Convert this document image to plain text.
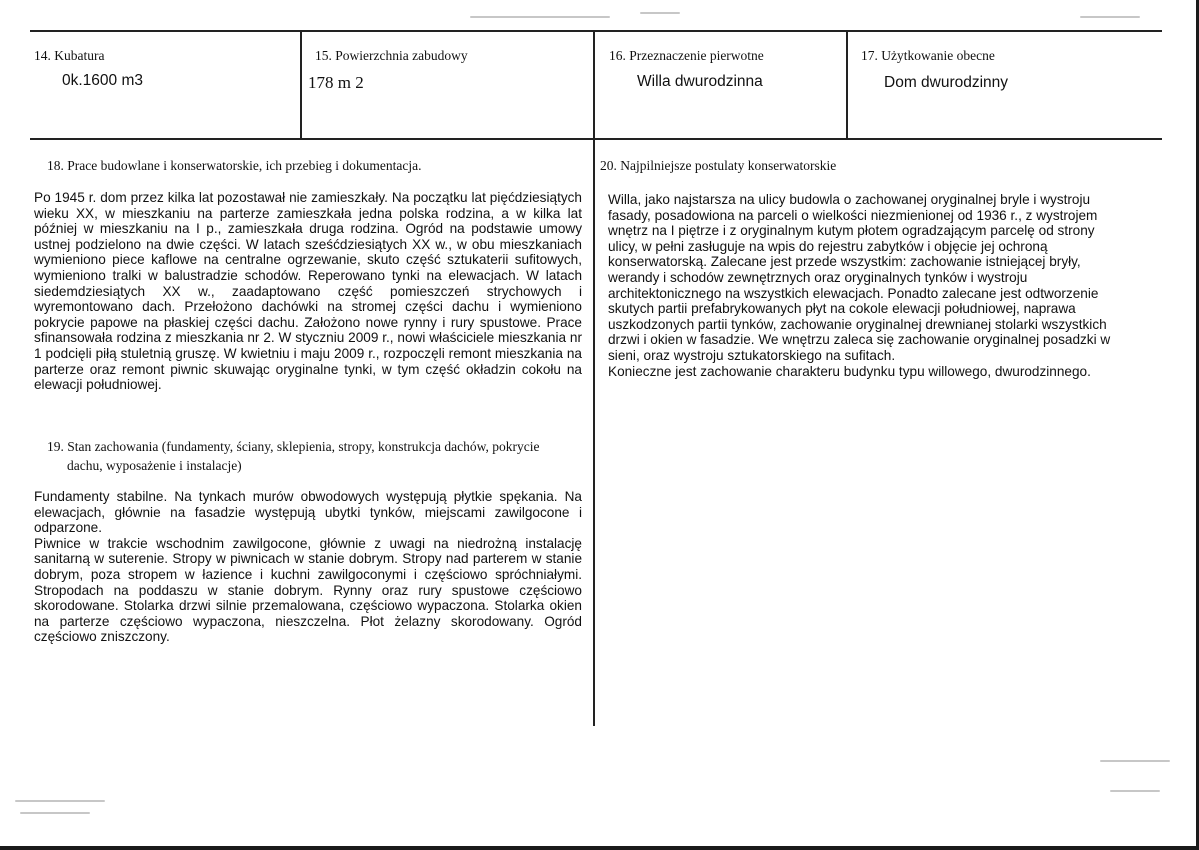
14. Kubatura
0k.1600 m3
15. Powierzchnia zabudowy
178 m 2
16. Przeznaczenie pierwotne
Willa dwurodzinna
17. Użytkowanie obecne
Dom dwurodzinny
18. Prace budowlane i konserwatorskie, ich przebieg i dokumentacja.

Po 1945 r. dom przez kilka lat pozostawał nie zamieszkały. Na początku lat pięćdziesiątych wieku XX, w mieszkaniu na parterze zamieszkała jedna polska rodzina, a w kilka lat później w mieszkaniu na I p., zamieszkała druga rodzina. Ogród na podstawie umowy ustnej podzielono na dwie części. W latach sześćdziesiątych XX w., w obu mieszkaniach wymieniono piece kaflowe na centralne ogrzewanie, skuto część sztukaterii sufitowych, wymieniono tralki w balustradzie schodów. Reperowano tynki na elewacjach. W latach siedemdziesiątych XX w., zaadaptowano część pomieszczeń strychowych i wyremontowano dach. Przełożono dachówki na stromej części dachu i wymieniono pokrycie papowe na płaskiej części dachu. Założono nowe rynny i rury spustowe. Prace sfinansowała rodzina z mieszkania nr 2. W styczniu 2009 r., nowi właściciele mieszkania nr 1 podcięli piłą stuletnią gruszę. W kwietniu i maju 2009 r., rozpoczęli remont mieszkania na parterze oraz remont piwnic skuwając oryginalne tynki, w tym część okładzin cokołu na elewacji południowej.

19. Stan zachowania (fundamenty, ściany, sklepienia, stropy, konstrukcja dachów, pokrycie
dachu, wyposażenie i instalacje)

Fundamenty stabilne. Na tynkach murów obwodowych występują płytkie spękania. Na elewacjach, głównie na fasadzie występują ubytki tynków, miejscami zawilgocone i odparzone.

Piwnice w trakcie wschodnim zawilgocone, głównie z uwagi na niedrożną instalację sanitarną w suterenie. Stropy w piwnicach w stanie dobrym. Stropy nad parterem w stanie dobrym, poza stropem w łazience i kuchni zawilgoconymi i częściowo spróchniałymi. Stropodach na poddaszu w stanie dobrym. Rynny oraz rury spustowe częściowo skorodowane. Stolarka drzwi silnie przemalowana, częściowo wypaczona. Stolarka okien na parterze częściowo wypaczona, nieszczelna. Płot żelazny skorodowany. Ogród częściowo zniszczony.

20. Najpilniejsze postulaty konserwatorskie
Willa, jako najstarsza na ulicy budowla o zachowanej oryginalnej bryle i wystroju
fasady, posadowiona na parceli o wielkości niezmienionej od 1936 r., z wystrojem
wnętrz na I piętrze i z oryginalnym kutym płotem ogradzającym parcelę od strony
ulicy, w pełni zasługuje na wpis do rejestru zabytków i objęcie jej ochroną
konserwatorską. Zalecane jest przede wszystkim: zachowanie istniejącej bryły,
werandy i schodów zewnętrznych oraz oryginalnych tynków i wystroju
architektonicznego na wszystkich elewacjach. Ponadto zalecane jest odtworzenie
skutych partii prefabrykowanych płyt na cokole elewacji południowej, naprawa
uszkodzonych partii tynków, zachowanie oryginalnej drewnianej stolarki wszystkich
drzwi i okien w fasadzie. We wnętrzu zaleca się zachowanie oryginalnej posadzki w
sieni, oraz wystroju sztukatorskiego na sufitach.
Konieczne jest zachowanie charakteru budynku typu willowego, dwurodzinnego.
